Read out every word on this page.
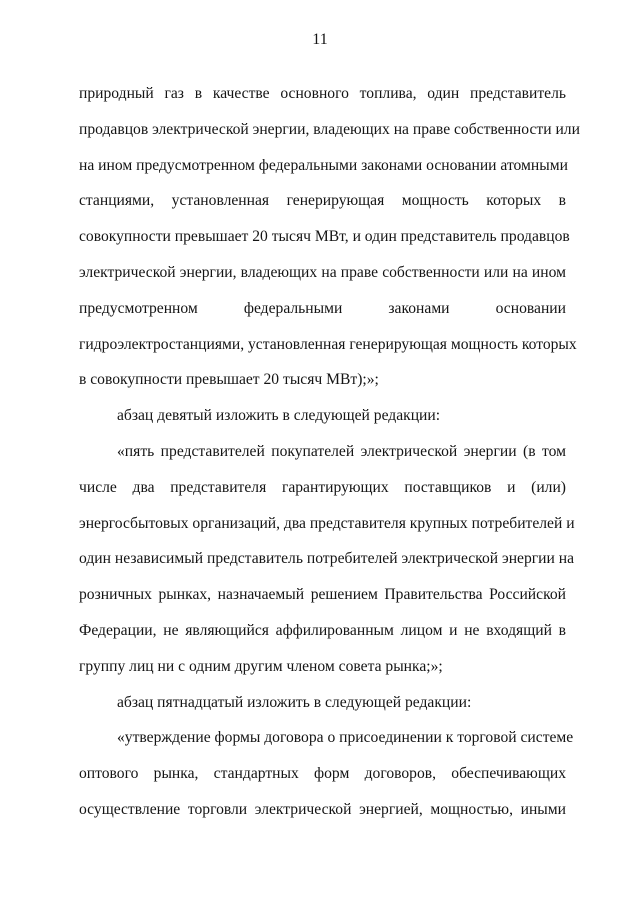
11
природный газ в качестве основного топлива, один представитель
продавцов электрической энергии, владеющих на праве собственности или
на ином предусмотренном федеральными законами основании атомными
станциями, установленная генерирующая мощность которых в
совокупности превышает 20 тысяч МВт, и один представитель продавцов
электрической энергии, владеющих на праве собственности или на ином
предусмотренном федеральными законами основании
гидроэлектростанциями, установленная генерирующая мощность которых
в совокупности превышает 20 тысяч МВт);»;
абзац девятый изложить в следующей редакции:
«пять представителей покупателей электрической энергии (в том
числе два представителя гарантирующих поставщиков и (или)
энергосбытовых организаций, два представителя крупных потребителей и
один независимый представитель потребителей электрической энергии на
розничных рынках, назначаемый решением Правительства Российской
Федерации, не являющийся аффилированным лицом и не входящий в
группу лиц ни с одним другим членом совета рынка;»;
абзац пятнадцатый изложить в следующей редакции:
«утверждение формы договора о присоединении к торговой системе
оптового рынка, стандартных форм договоров, обеспечивающих
осуществление торговли электрической энергией, мощностью, иными
